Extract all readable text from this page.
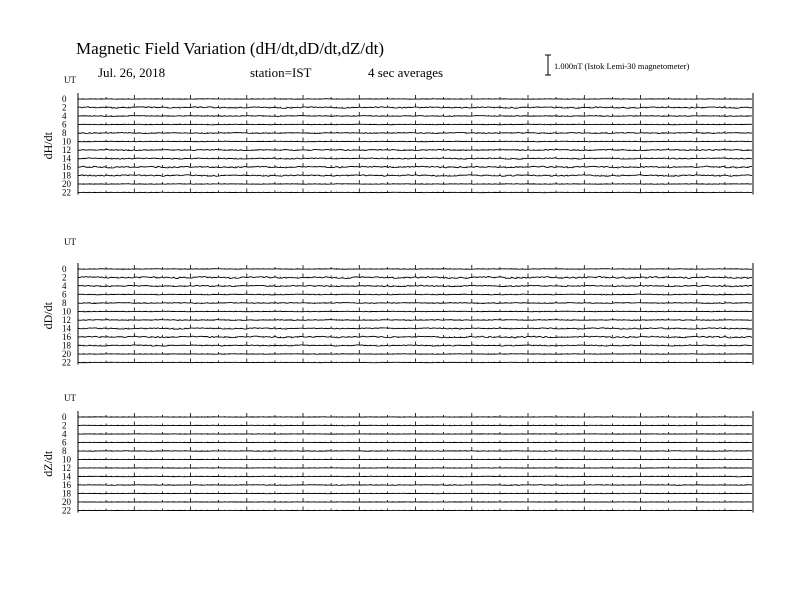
Magnetic Field Variation (dH/dt,dD/dt,dZ/dt)
Jul. 26, 2018	station=IST	4 sec averages	1.000nT (Istok Lemi-30 magnetometer)
UT
dH/dt
0
2
4
6
8
10
12
14
16
18
20
22
UT
dD/dt
0
2
4
6
8
10
12
14
16
18
20
22
UT
dZ/dt
0
2
4
6
8
10
12
14
16
18
20
22
